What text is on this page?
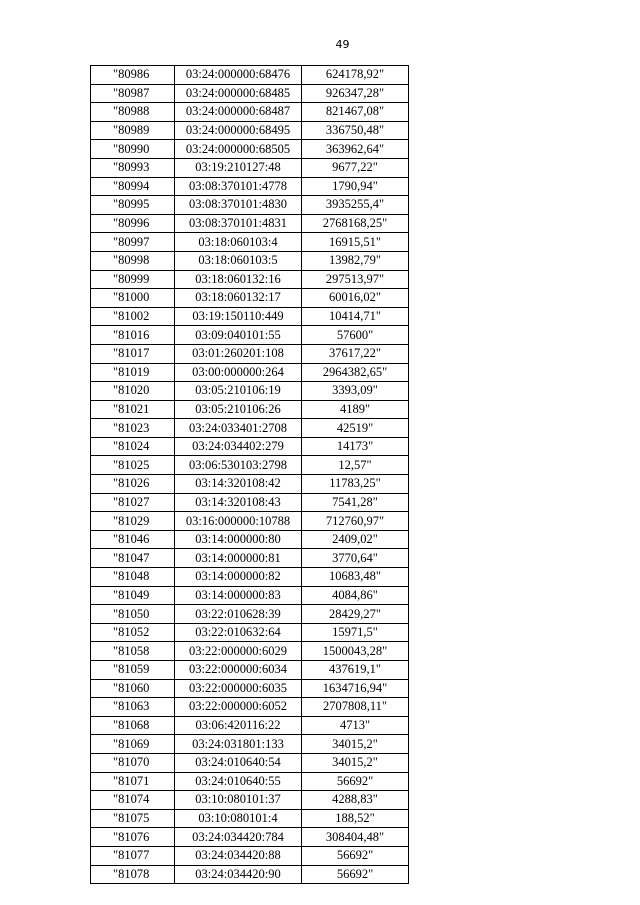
49
"80986	03:24:000000:68476	624178,92"
"80987	03:24:000000:68485	926347,28"
"80988	03:24:000000:68487	821467,08"
"80989	03:24:000000:68495	336750,48"
"80990	03:24:000000:68505	363962,64"
"80993	03:19:210127:48	9677,22"
"80994	03:08:370101:4778	1790,94"
"80995	03:08:370101:4830	3935255,4"
"80996	03:08:370101:4831	2768168,25"
"80997	03:18:060103:4	16915,51"
"80998	03:18:060103:5	13982,79"
"80999	03:18:060132:16	297513,97"
"81000	03:18:060132:17	60016,02"
"81002	03:19:150110:449	10414,71"
"81016	03:09:040101:55	57600"
"81017	03:01:260201:108	37617,22"
"81019	03:00:000000:264	2964382,65"
"81020	03:05:210106:19	3393,09"
"81021	03:05:210106:26	4189"
"81023	03:24:033401:2708	42519"
"81024	03:24:034402:279	14173"
"81025	03:06:530103:2798	12,57"
"81026	03:14:320108:42	11783,25"
"81027	03:14:320108:43	7541,28"
"81029	03:16:000000:10788	712760,97"
"81046	03:14:000000:80	2409,02"
"81047	03:14:000000:81	3770,64"
"81048	03:14:000000:82	10683,48"
"81049	03:14:000000:83	4084,86"
"81050	03:22:010628:39	28429,27"
"81052	03:22:010632:64	15971,5"
"81058	03:22:000000:6029	1500043,28"
"81059	03:22:000000:6034	437619,1"
"81060	03:22:000000:6035	1634716,94"
"81063	03:22:000000:6052	2707808,11"
"81068	03:06:420116:22	4713"
"81069	03:24:031801:133	34015,2"
"81070	03:24:010640:54	34015,2"
"81071	03:24:010640:55	56692"
"81074	03:10:080101:37	4288,83"
"81075	03:10:080101:4	188,52"
"81076	03:24:034420:784	308404,48"
"81077	03:24:034420:88	56692"
"81078	03:24:034420:90	56692"
